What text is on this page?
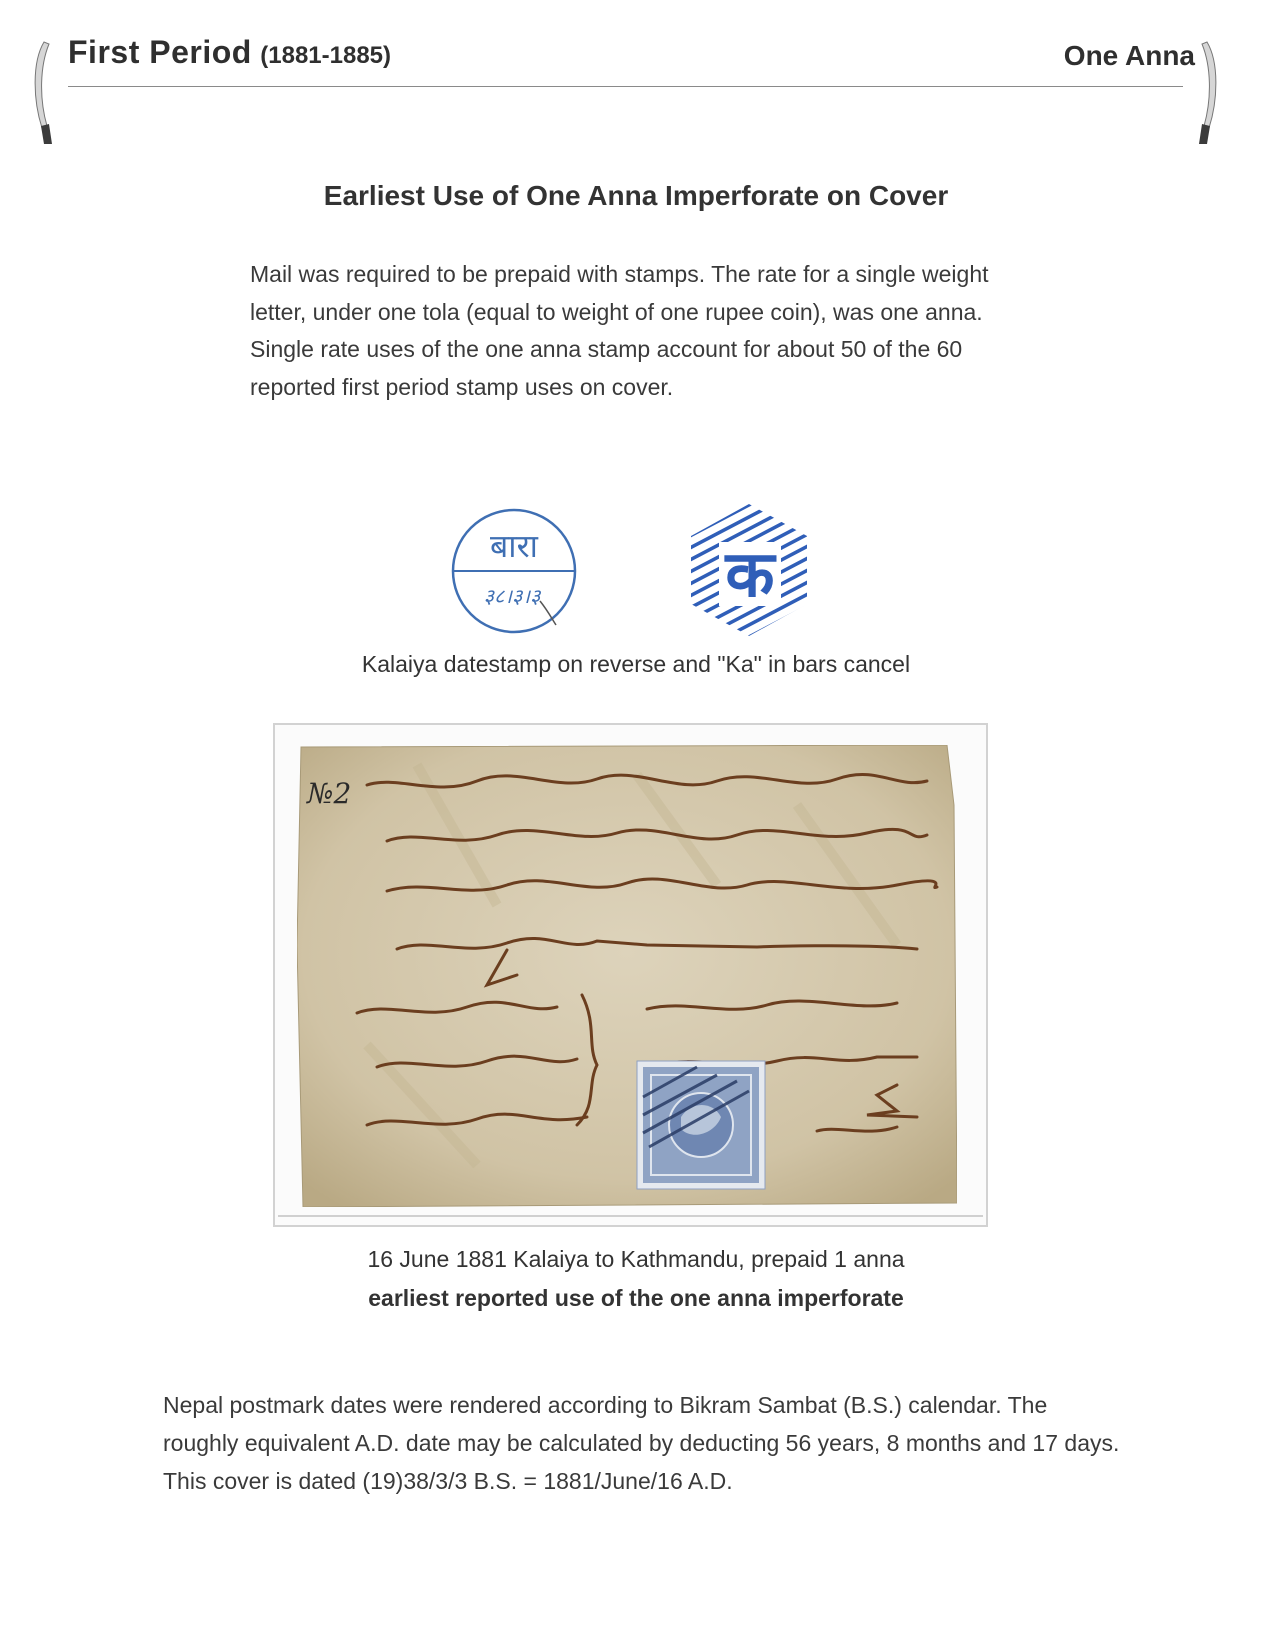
First Period (1881-1885)	One Anna
Earliest Use of One Anna Imperforate on Cover
Mail was required to be prepaid with stamps. The rate for a single weight letter, under one tola (equal to weight of one rupee coin), was one anna. Single rate uses of the one anna stamp account for about 50 of the 60 reported first period stamp uses on cover.
बारा
३८।३।३	क
Kalaiya datestamp on reverse and "Ka" in bars cancel
№2
16 June 1881 Kalaiya to Kathmandu, prepaid 1 anna
earliest reported use of the one anna imperforate
Nepal postmark dates were rendered according to Bikram Sambat (B.S.) calendar. The roughly equivalent A.D. date may be calculated by deducting 56 years, 8 months and 17 days. This cover is dated (19)38/3/3 B.S. = 1881/June/16 A.D.
